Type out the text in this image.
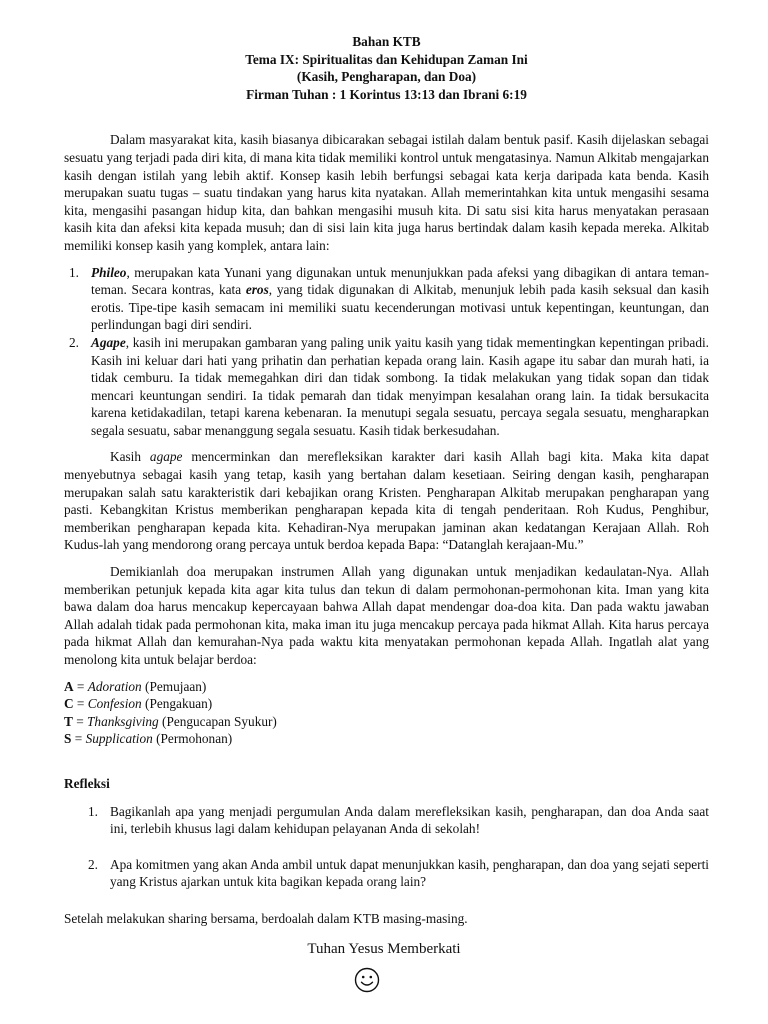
Bahan KTB
Tema IX: Spiritualitas dan Kehidupan Zaman Ini
(Kasih, Pengharapan, dan Doa)
Firman Tuhan : 1 Korintus 13:13 dan Ibrani 6:19

Dalam masyarakat kita, kasih biasanya dibicarakan sebagai istilah dalam bentuk pasif. Kasih dijelaskan sebagai sesuatu yang terjadi pada diri kita, di mana kita tidak memiliki kontrol untuk mengatasinya. Namun Alkitab mengajarkan kasih dengan istilah yang lebih aktif. Konsep kasih lebih berfungsi sebagai kata kerja daripada kata benda. Kasih merupakan suatu tugas – suatu tindakan yang harus kita nyatakan. Allah memerintahkan kita untuk mengasihi sesama kita, mengasihi pasangan hidup kita, dan bahkan mengasihi musuh kita. Di satu sisi kita harus menyatakan perasaan kasih kita dan afeksi kita kepada musuh; dan di sisi lain kita juga harus bertindak dalam kasih kepada mereka. Alkitab memiliki konsep kasih yang komplek, antara lain:

1. Phileo, merupakan kata Yunani yang digunakan untuk menunjukkan pada afeksi yang dibagikan di antara teman-teman. Secara kontras, kata eros, yang tidak digunakan di Alkitab, menunjuk lebih pada kasih seksual dan kasih erotis. Tipe-tipe kasih semacam ini memiliki suatu kecenderungan motivasi untuk kepentingan, keuntungan, dan perlindungan bagi diri sendiri.
2. Agape, kasih ini merupakan gambaran yang paling unik yaitu kasih yang tidak mementingkan kepentingan pribadi. Kasih ini keluar dari hati yang prihatin dan perhatian kepada orang lain. Kasih agape itu sabar dan murah hati, ia tidak cemburu. Ia tidak memegahkan diri dan tidak sombong. Ia tidak melakukan yang tidak sopan dan tidak mencari keuntungan sendiri. Ia tidak pemarah dan tidak menyimpan kesalahan orang lain. Ia tidak bersukacita karena ketidakadilan, tetapi karena kebenaran. Ia menutupi segala sesuatu, percaya segala sesuatu, mengharapkan segala sesuatu, sabar menanggung segala sesuatu. Kasih tidak berkesudahan.

Kasih agape mencerminkan dan merefleksikan karakter dari kasih Allah bagi kita. Maka kita dapat menyebutnya sebagai kasih yang tetap, kasih yang bertahan dalam kesetiaan. Seiring dengan kasih, pengharapan merupakan salah satu karakteristik dari kebajikan orang Kristen. Pengharapan Alkitab merupakan pengharapan yang pasti. Kebangkitan Kristus memberikan pengharapan kepada kita di tengah penderitaan. Roh Kudus, Penghibur, memberikan pengharapan kepada kita. Kehadiran-Nya merupakan jaminan akan kedatangan Kerajaan Allah. Roh Kudus-lah yang mendorong orang percaya untuk berdoa kepada Bapa: “Datanglah kerajaan-Mu.”

Demikianlah doa merupakan instrumen Allah yang digunakan untuk menjadikan kedaulatan-Nya. Allah memberikan petunjuk kepada kita agar kita tulus dan tekun di dalam permohonan-permohonan kita. Iman yang kita bawa dalam doa harus mencakup kepercayaan bahwa Allah dapat mendengar doa-doa kita. Dan pada waktu jawaban Allah adalah tidak pada permohonan kita, maka iman itu juga mencakup percaya pada hikmat Allah. Kita harus percaya pada hikmat Allah dan kemurahan-Nya pada waktu kita menyatakan permohonan kepada Allah. Ingatlah alat yang menolong kita untuk belajar berdoa:

A = Adoration (Pemujaan)
C = Confesion (Pengakuan)
T = Thanksgiving (Pengucapan Syukur)
S = Supplication (Permohonan)
Refleksi
1. Bagikanlah apa yang menjadi pergumulan Anda dalam merefleksikan kasih, pengharapan, dan doa Anda saat ini, terlebih khusus lagi dalam kehidupan pelayanan Anda di sekolah!
2. Apa komitmen yang akan Anda ambil untuk dapat menunjukkan kasih, pengharapan, dan doa yang sejati seperti yang Kristus ajarkan untuk kita bagikan kepada orang lain?

Setelah melakukan sharing bersama, berdoalah dalam KTB masing-masing.

Tuhan Yesus Memberkati
